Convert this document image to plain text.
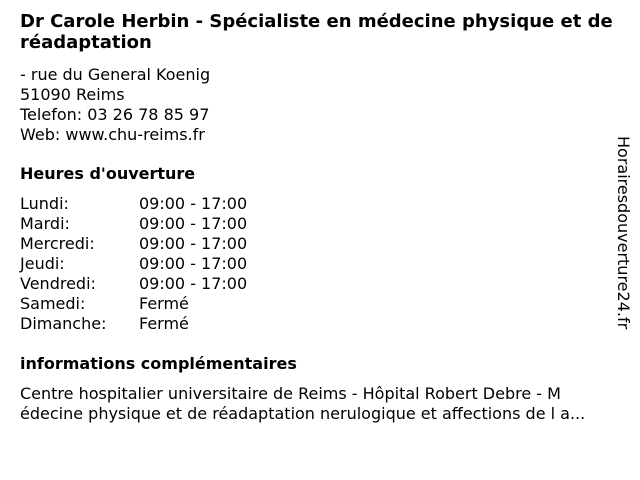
Dr Carole Herbin - Spécialiste en médecine physique et de réadaptation
- rue du General Koenig
51090 Reims
Telefon: 03 26 78 85 97
Web: www.chu-reims.fr
Heures d'ouverture
Lundi:	09:00 - 17:00
Mardi:	09:00 - 17:00
Mercredi:	09:00 - 17:00
Jeudi:	09:00 - 17:00
Vendredi:	09:00 - 17:00
Samedi:	Fermé
Dimanche:	Fermé
informations complémentaires
Centre hospitalier universitaire de Reims - Hôpital Robert Debre - M
édecine physique et de réadaptation nerulogique et affections de l a...
Horairesdouverture24.fr
